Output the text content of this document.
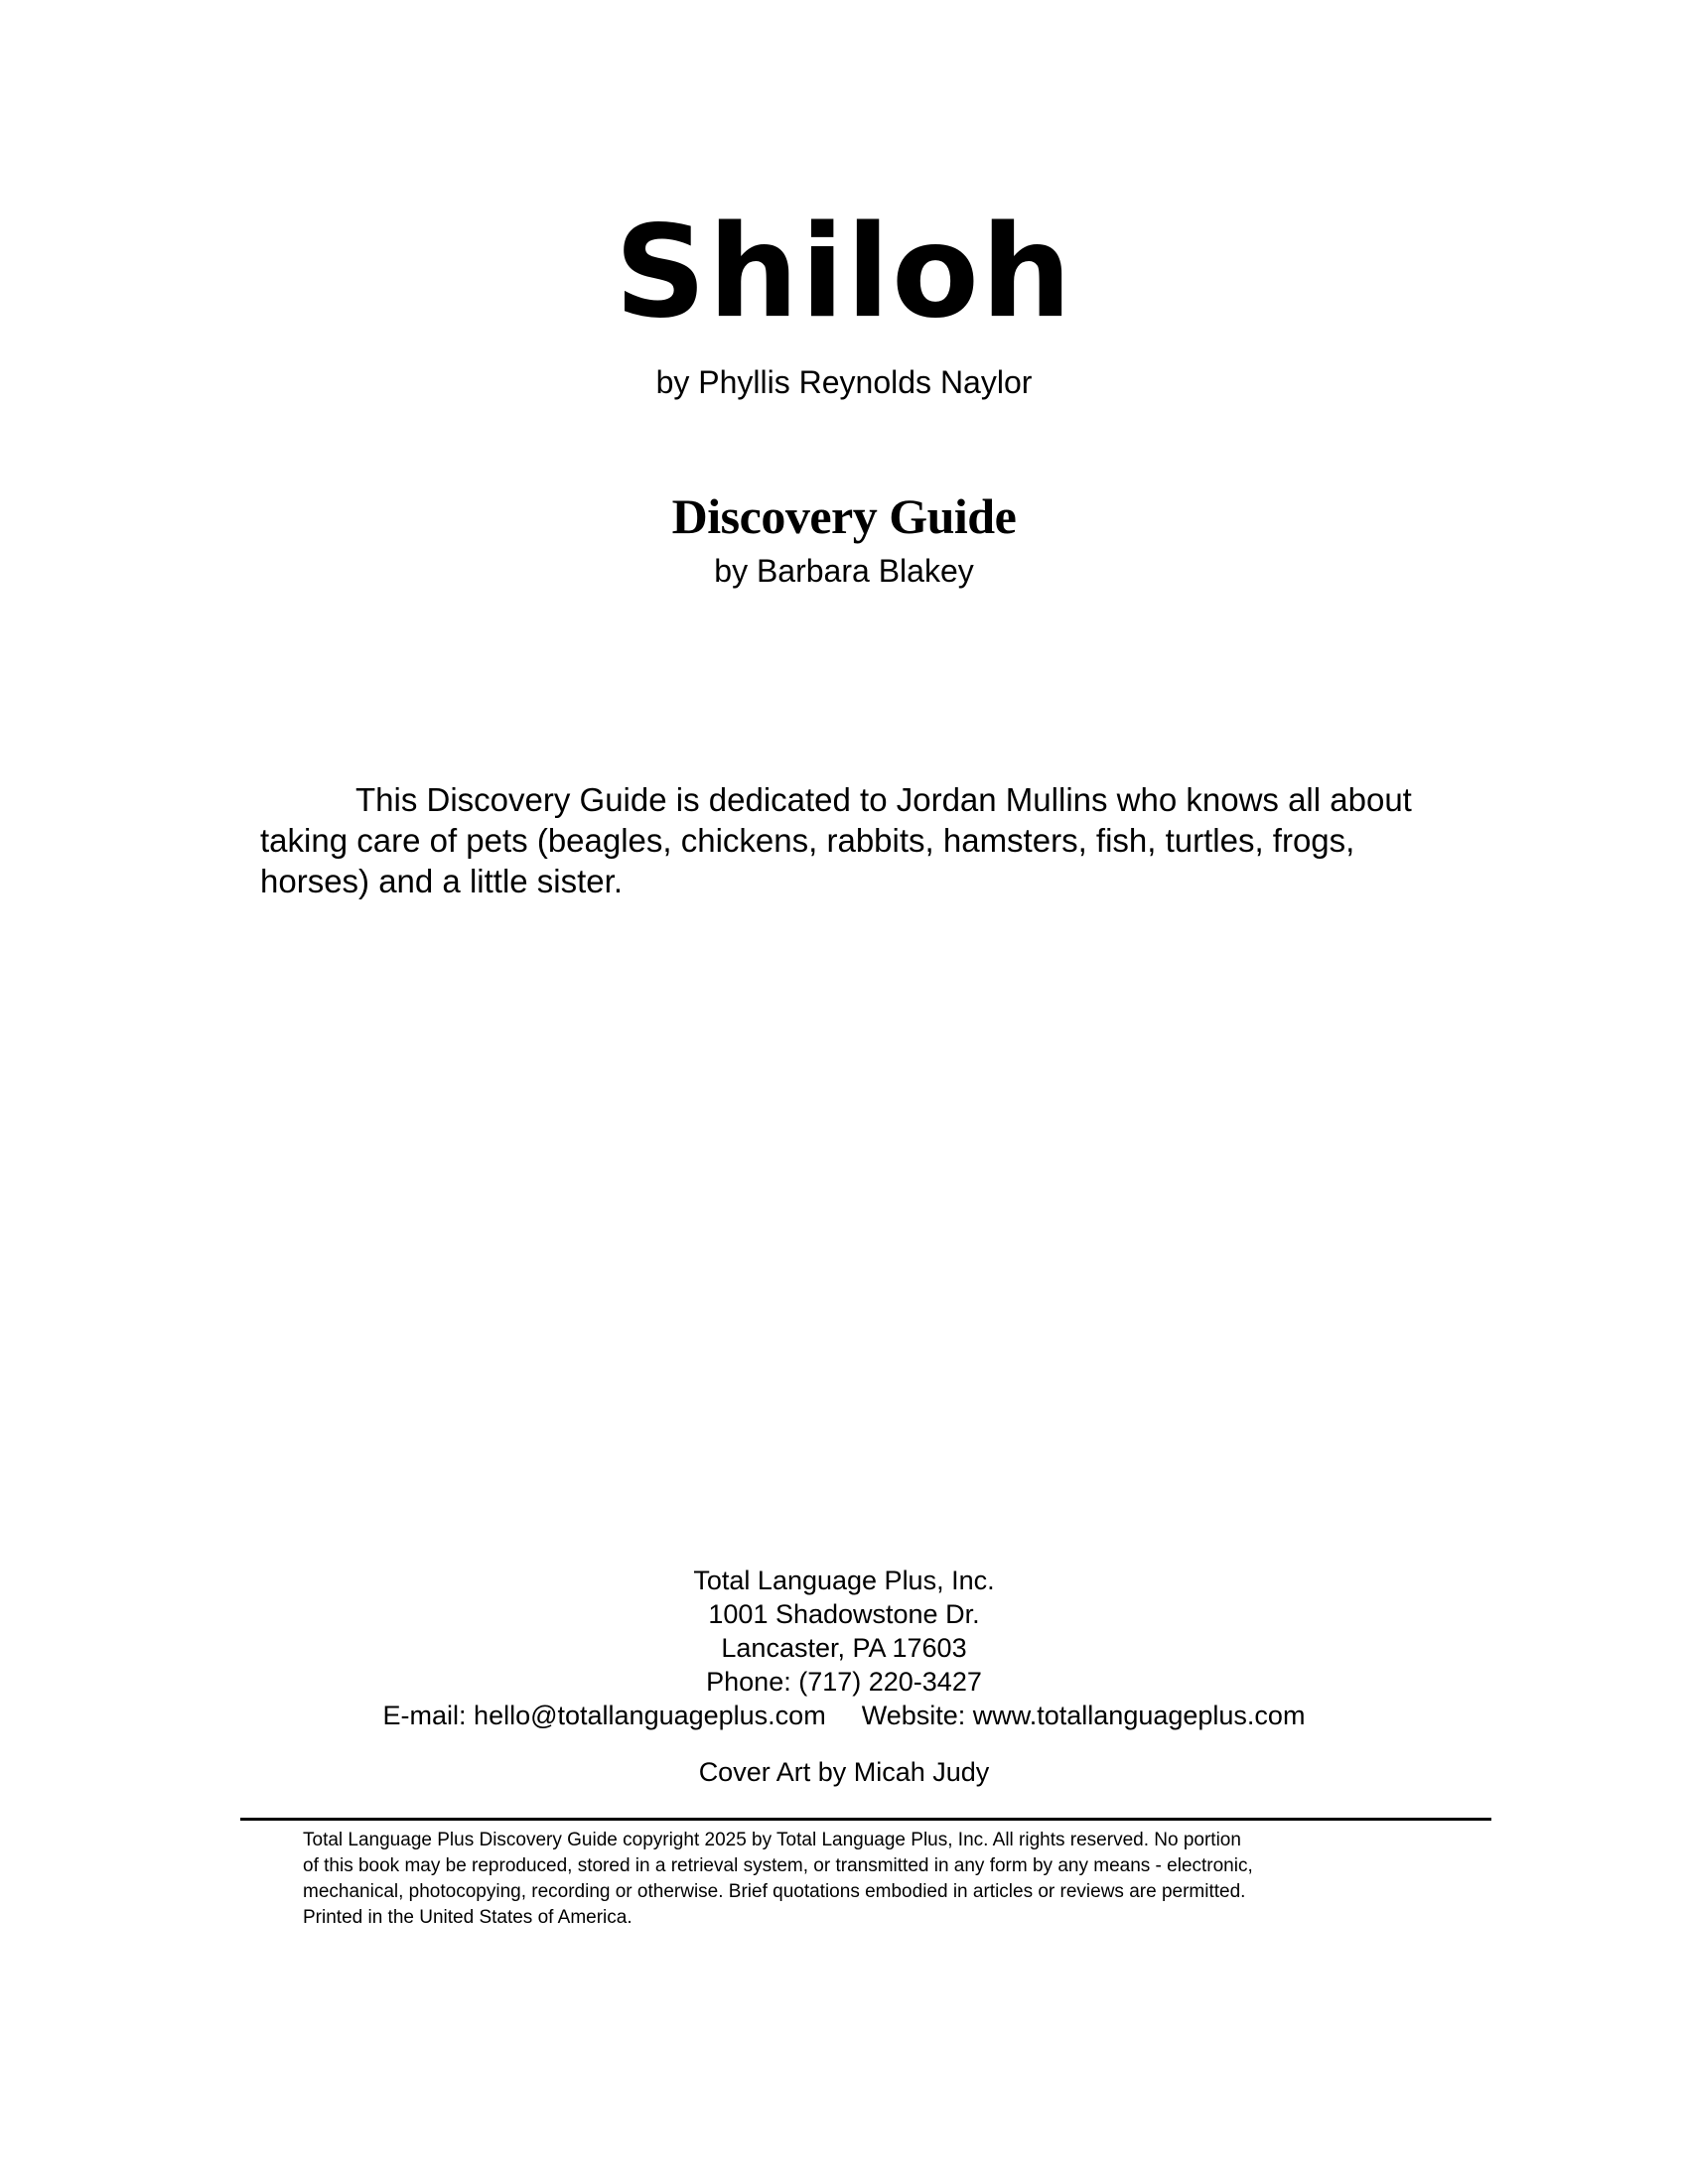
Shiloh
by Phyllis Reynolds Naylor
Discovery Guide
by Barbara Blakey

This Discovery Guide is dedicated to Jordan Mullins who knows all about taking care of pets (beagles, chickens, rabbits, hamsters, fish, turtles, frogs, horses) and a little sister.

Total Language Plus, Inc.
1001 Shadowstone Dr.
Lancaster, PA 17603
Phone: (717) 220-3427
E-mail: hello@totallanguageplus.com Website: www.totallanguageplus.com
Cover Art by Micah Judy
Total Language Plus Discovery Guide copyright 2025 by Total Language Plus, Inc. All rights reserved. No portion
of this book may be reproduced, stored in a retrieval system, or transmitted in any form by any means - electronic,
mechanical, photocopying, recording or otherwise. Brief quotations embodied in articles or reviews are permitted.
Printed in the United States of America.
